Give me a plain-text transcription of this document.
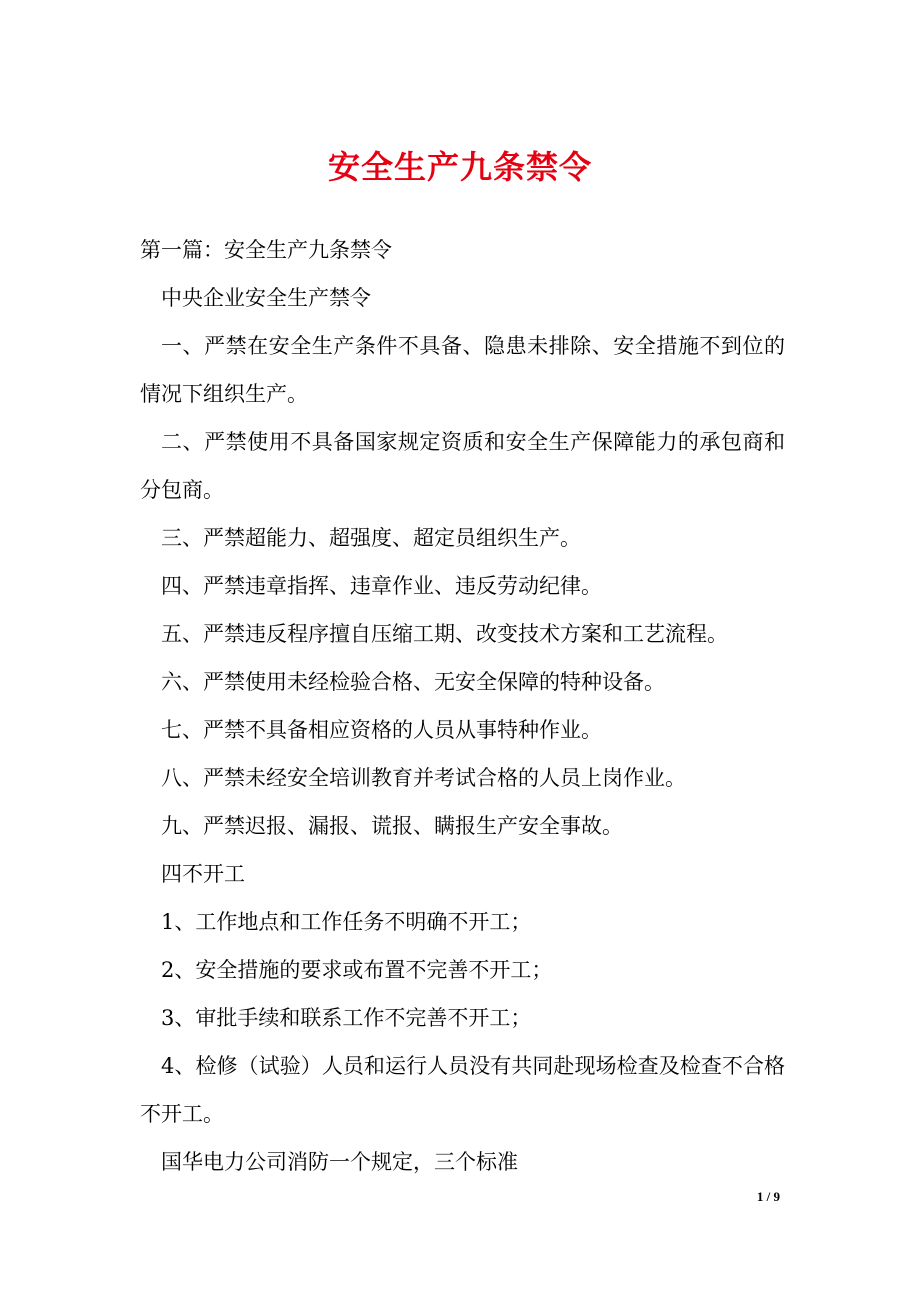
安全生产九条禁令

第一篇：安全生产九条禁令

中央企业安全生产禁令

一、严禁在安全生产条件不具备、隐患未排除、安全措施不到位的情况下组织生产。

二、严禁使用不具备国家规定资质和安全生产保障能力的承包商和分包商。

三、严禁超能力、超强度、超定员组织生产。

四、严禁违章指挥、违章作业、违反劳动纪律。

五、严禁违反程序擅自压缩工期、改变技术方案和工艺流程。

六、严禁使用未经检验合格、无安全保障的特种设备。

七、严禁不具备相应资格的人员从事特种作业。

八、严禁未经安全培训教育并考试合格的人员上岗作业。

九、严禁迟报、漏报、谎报、瞒报生产安全事故。

四不开工

1、工作地点和工作任务不明确不开工；

2、安全措施的要求或布置不完善不开工；

3、审批手续和联系工作不完善不开工；

4、检修（试验）人员和运行人员没有共同赴现场检查及检查不合格不开工。

国华电力公司消防一个规定，三个标准

1 / 9
